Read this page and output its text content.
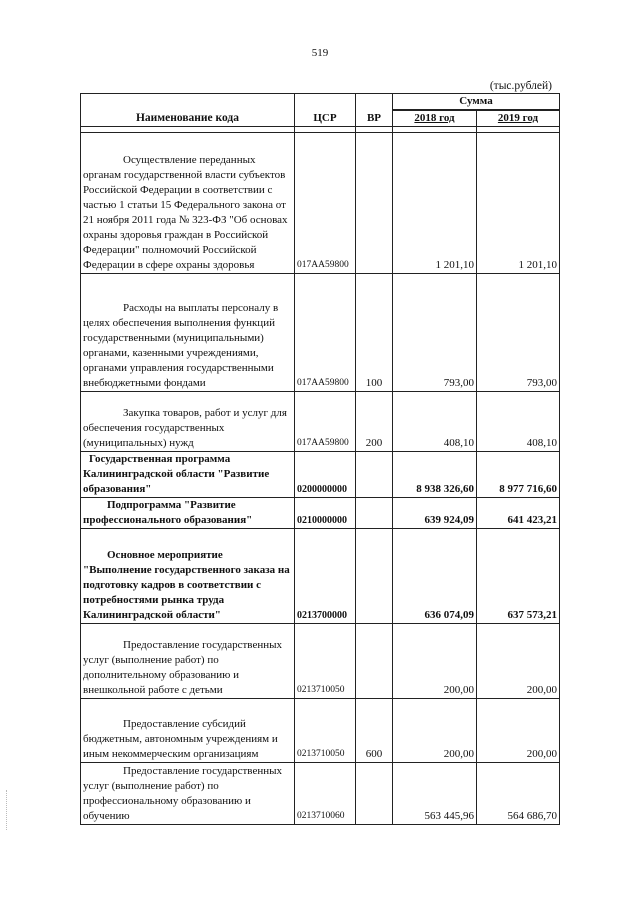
519
(тыс.рублей)
Наименование кода	ЦСР	ВР	Сумма	
			2018 год	2019 год

Осуществление переданных органам государственной власти субъектов Российской Федерации в соответствии с частью 1 статьи 15 Федерального закона от 21 ноября 2011 года № 323-ФЗ "Об основах охраны здоровья граждан в Российской Федерации" полномочий Российской Федерации в сфере охраны здоровья	017АА59800		1 201,10	1 201,10

Расходы на выплаты персоналу в целях обеспечения выполнения функций государственными (муниципальными) органами, казенными учреждениями, органами управления государственными внебюджетными фондами	017АА59800	100	793,00	793,00

Закупка товаров, работ и услуг для обеспечения государственных (муниципальных) нужд	017АА59800	200	408,10	408,10

Государственная программа Калининградской области "Развитие образования"	0200000000		8 938 326,60	8 977 716,60

Подпрограмма "Развитие профессионального образования"	0210000000		639 924,09	641 423,21

Основное мероприятие "Выполнение государственного заказа на подготовку кадров в соответствии с потребностями рынка труда Калининградской области"	0213700000		636 074,09	637 573,21

Предоставление государственных услуг (выполнение работ) по дополнительному образованию и внешкольной работе с детьми	0213710050		200,00	200,00

Предоставление субсидий бюджетным, автономным учреждениям и иным некоммерческим организациям	0213710050	600	200,00	200,00

Предоставление государственных услуг (выполнение работ) по профессиональному образованию и обучению	0213710060		563 445,96	564 686,70
